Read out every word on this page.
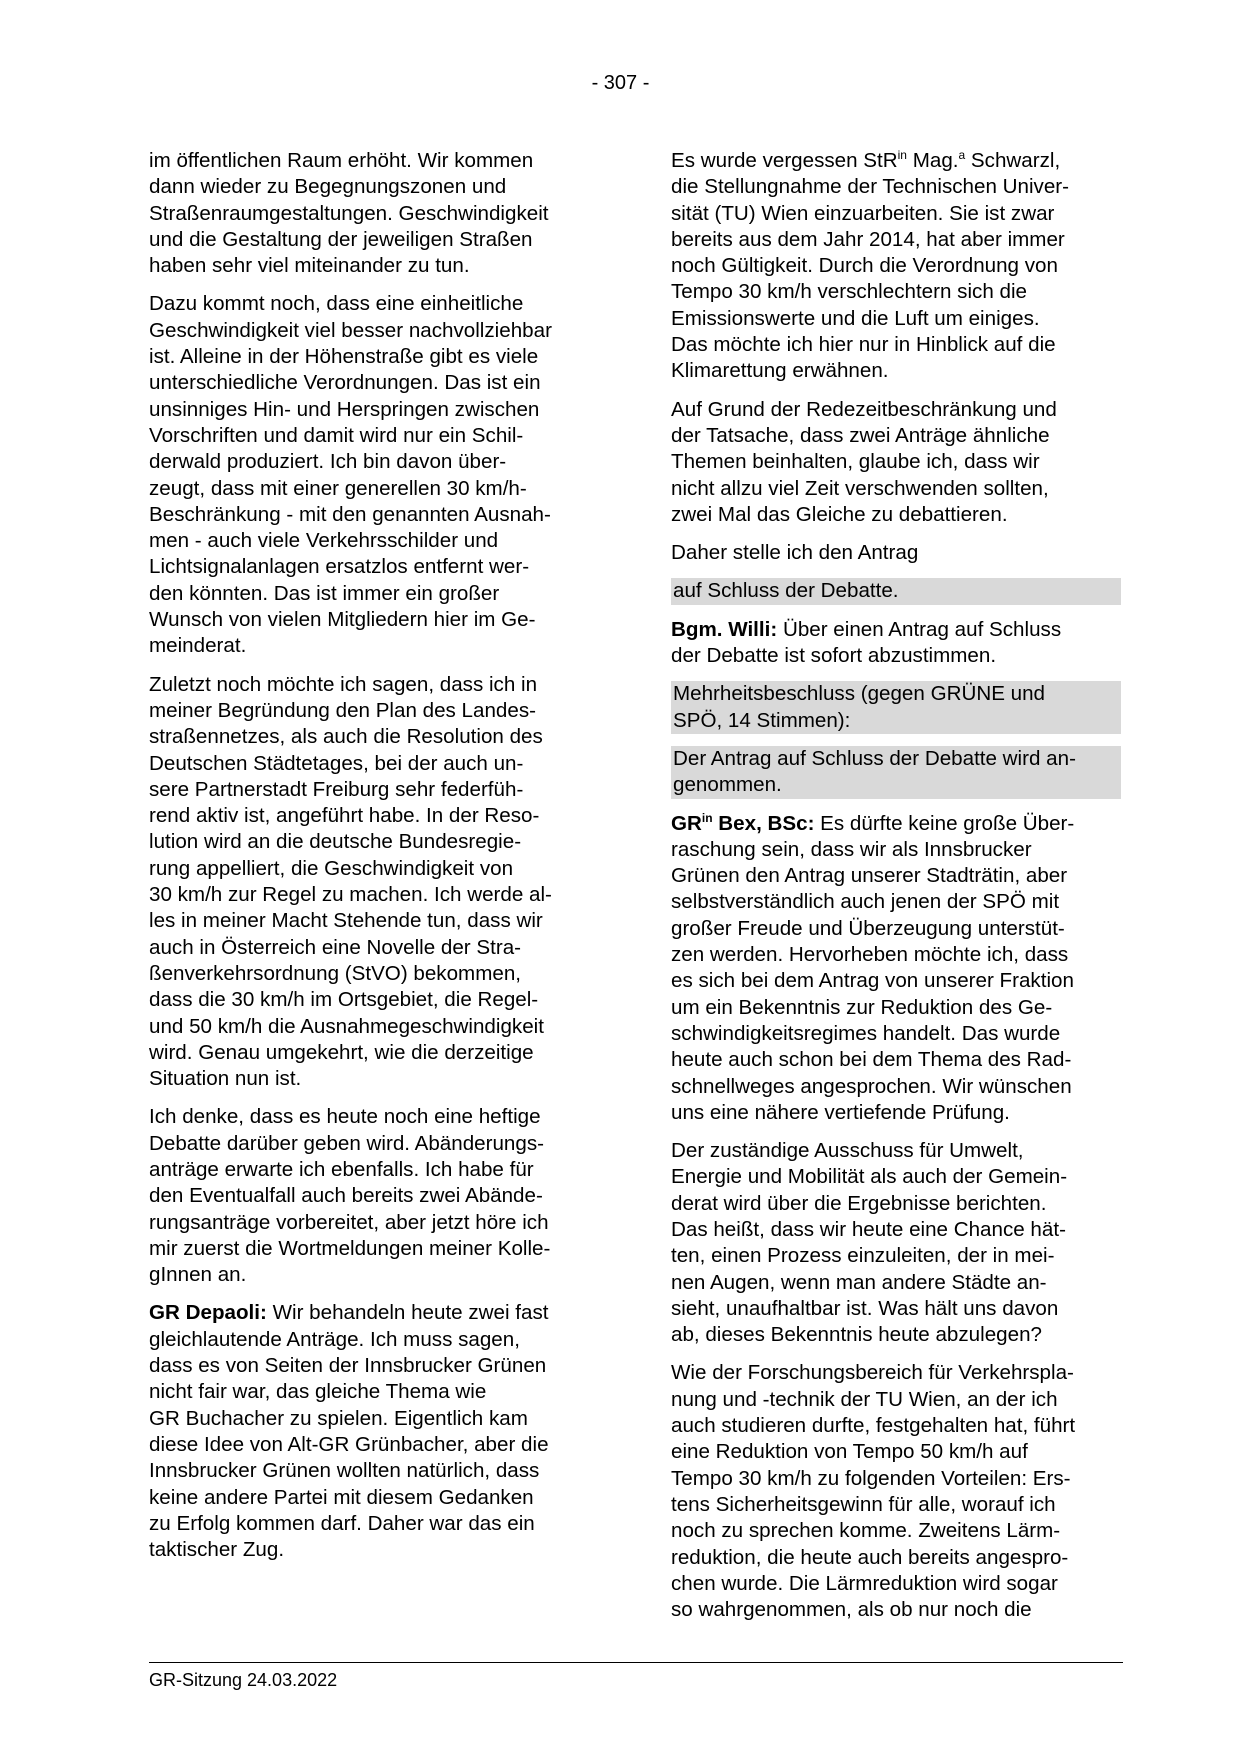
- 307 -
im öffentlichen Raum erhöht. Wir kommen
dann wieder zu Begegnungszonen und
Straßenraumgestaltungen. Geschwindigkeit
und die Gestaltung der jeweiligen Straßen
haben sehr viel miteinander zu tun.
Dazu kommt noch, dass eine einheitliche
Geschwindigkeit viel besser nachvollziehbar
ist. Alleine in der Höhenstraße gibt es viele
unterschiedliche Verordnungen. Das ist ein
unsinniges Hin- und Herspringen zwischen
Vorschriften und damit wird nur ein Schil-
derwald produziert. Ich bin davon über-
zeugt, dass mit einer generellen 30 km/h-
Beschränkung - mit den genannten Ausnah-
men - auch viele Verkehrsschilder und
Lichtsignalanlagen ersatzlos entfernt wer-
den könnten. Das ist immer ein großer
Wunsch von vielen Mitgliedern hier im Ge-
meinderat.
Zuletzt noch möchte ich sagen, dass ich in
meiner Begründung den Plan des Landes-
straßennetzes, als auch die Resolution des
Deutschen Städtetages, bei der auch un-
sere Partnerstadt Freiburg sehr federfüh-
rend aktiv ist, angeführt habe. In der Reso-
lution wird an die deutsche Bundesregie-
rung appelliert, die Geschwindigkeit von
30 km/h zur Regel zu machen. Ich werde al-
les in meiner Macht Stehende tun, dass wir
auch in Österreich eine Novelle der Stra-
ßenverkehrsordnung (StVO) bekommen,
dass die 30 km/h im Ortsgebiet, die Regel-
und 50 km/h die Ausnahmegeschwindigkeit
wird. Genau umgekehrt, wie die derzeitige
Situation nun ist.
Ich denke, dass es heute noch eine heftige
Debatte darüber geben wird. Abänderungs-
anträge erwarte ich ebenfalls. Ich habe für
den Eventualfall auch bereits zwei Abände-
rungsanträge vorbereitet, aber jetzt höre ich
mir zuerst die Wortmeldungen meiner Kolle-
gInnen an.
GR Depaoli: Wir behandeln heute zwei fast
gleichlautende Anträge. Ich muss sagen,
dass es von Seiten der Innsbrucker Grünen
nicht fair war, das gleiche Thema wie
GR Buchacher zu spielen. Eigentlich kam
diese Idee von Alt-GR Grünbacher, aber die
Innsbrucker Grünen wollten natürlich, dass
keine andere Partei mit diesem Gedanken
zu Erfolg kommen darf. Daher war das ein
taktischer Zug.
Es wurde vergessen StR$^{in}$ Mag.$^a$ Schwarzl,
die Stellungnahme der Technischen Univer-
sität (TU) Wien einzuarbeiten. Sie ist zwar
bereits aus dem Jahr 2014, hat aber immer
noch Gültigkeit. Durch die Verordnung von
Tempo 30 km/h verschlechtern sich die
Emissionswerte und die Luft um einiges.
Das möchte ich hier nur in Hinblick auf die
Klimarettung erwähnen.
Auf Grund der Redezeitbeschränkung und
der Tatsache, dass zwei Anträge ähnliche
Themen beinhalten, glaube ich, dass wir
nicht allzu viel Zeit verschwenden sollten,
zwei Mal das Gleiche zu debattieren.
Daher stelle ich den Antrag
auf Schluss der Debatte.
Bgm. Willi: Über einen Antrag auf Schluss
der Debatte ist sofort abzustimmen.
Mehrheitsbeschluss (gegen GRÜNE und
SPÖ, 14 Stimmen):
Der Antrag auf Schluss der Debatte wird an-
genommen.
$GR^{in}$ Bex, BSc: Es dürfte keine große Über-
raschung sein, dass wir als Innsbrucker
Grünen den Antrag unserer Stadträtin, aber
selbstverständlich auch jenen der SPÖ mit
großer Freude und Überzeugung unterstüt-
zen werden. Hervorheben möchte ich, dass
es sich bei dem Antrag von unserer Fraktion
um ein Bekenntnis zur Reduktion des Ge-
schwindigkeitsregimes handelt. Das wurde
heute auch schon bei dem Thema des Rad-
schnellweges angesprochen. Wir wünschen
uns eine nähere vertiefende Prüfung.
Der zuständige Ausschuss für Umwelt,
Energie und Mobilität als auch der Gemein-
derat wird über die Ergebnisse berichten.
Das heißt, dass wir heute eine Chance hät-
ten, einen Prozess einzuleiten, der in mei-
nen Augen, wenn man andere Städte an-
sieht, unaufhaltbar ist. Was hält uns davon
ab, dieses Bekenntnis heute abzulegen?
Wie der Forschungsbereich für Verkehrspla-
nung und -technik der TU Wien, an der ich
auch studieren durfte, festgehalten hat, führt
eine Reduktion von Tempo 50 km/h auf
Tempo 30 km/h zu folgenden Vorteilen: Ers-
tens Sicherheitsgewinn für alle, worauf ich
noch zu sprechen komme. Zweitens Lärm-
reduktion, die heute auch bereits angespro-
chen wurde. Die Lärmreduktion wird sogar
so wahrgenommen, als ob nur noch die
GR-Sitzung 24.03.2022
